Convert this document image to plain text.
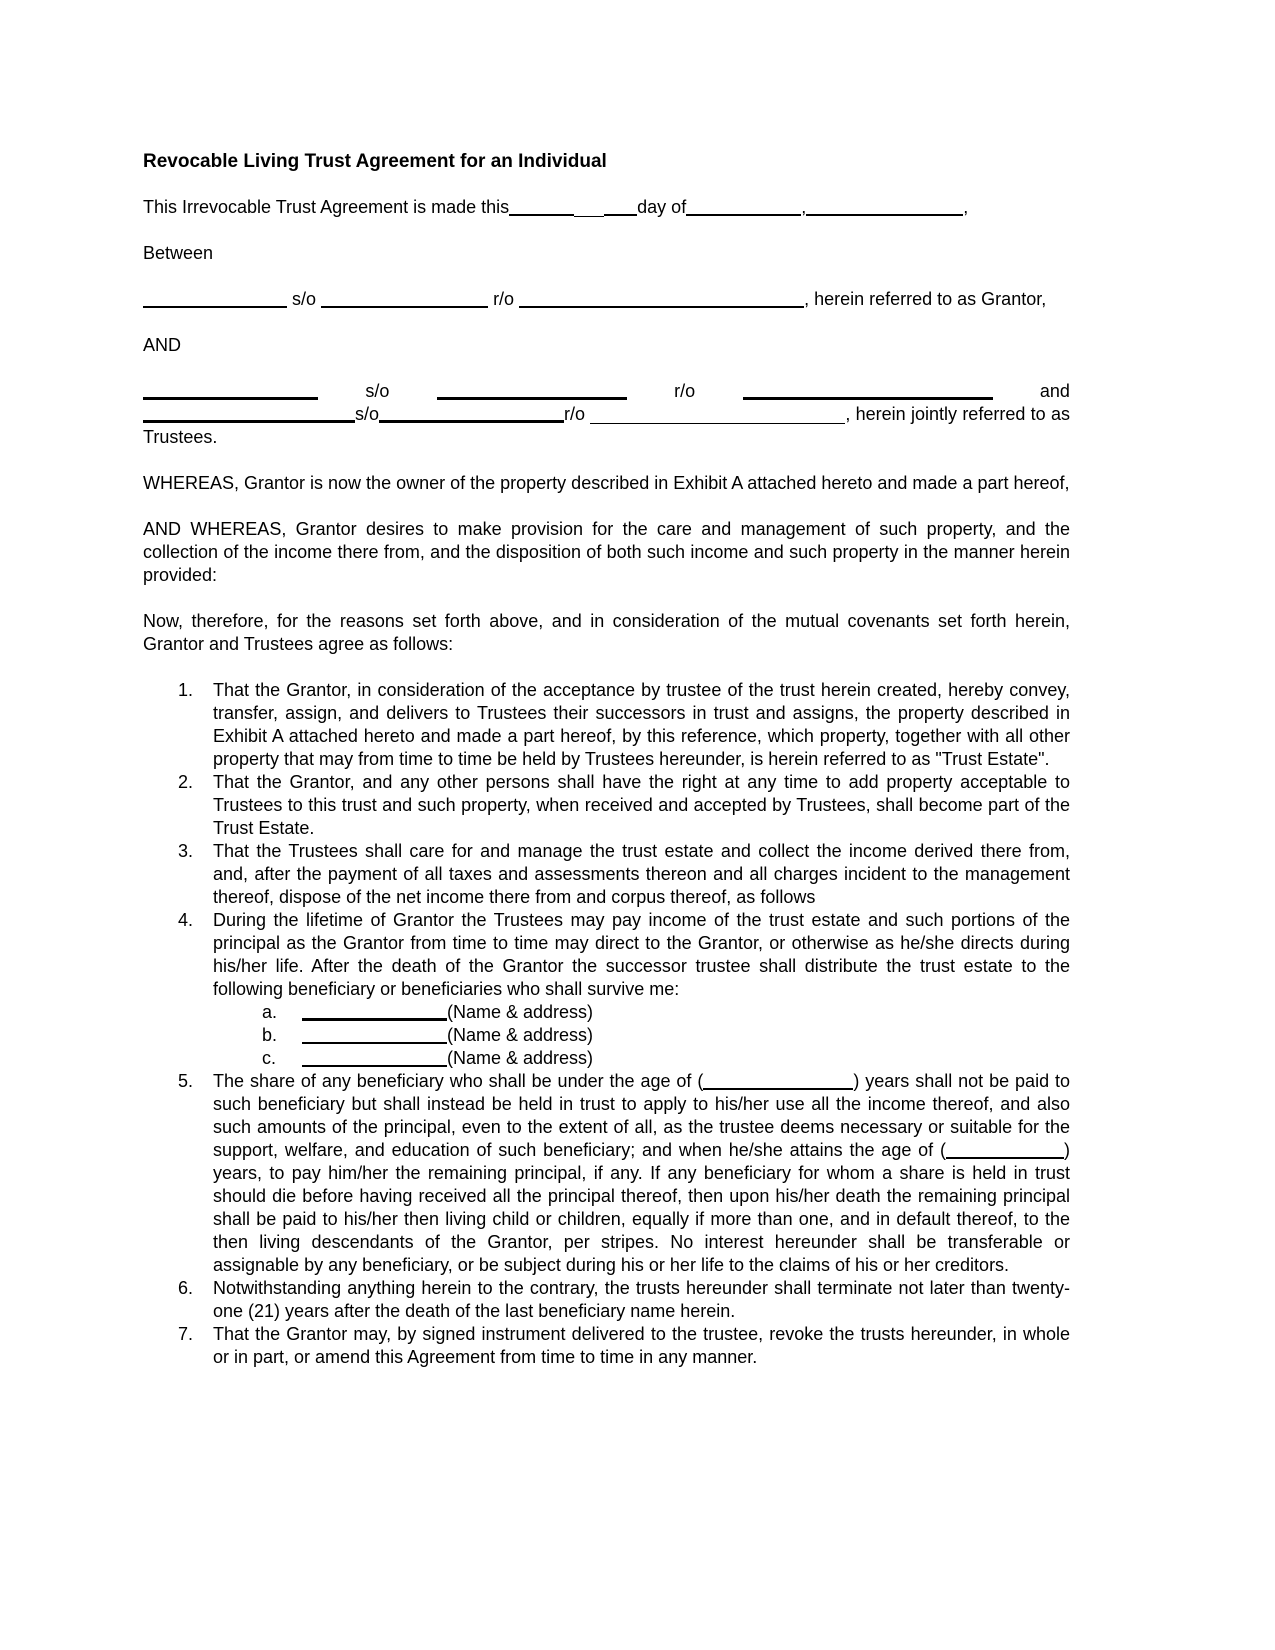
Revocable Living Trust Agreement for an Individual

This Irrevocable Trust Agreement is made this	day of	,	,

Between

s/o	r/o	, herein referred to as Grantor,

AND

s/o	r/o	and

s/o	r/o	, herein jointly referred to as Trustees.

WHEREAS, Grantor is now the owner of the property described in Exhibit A attached hereto and made a part hereof,

AND WHEREAS, Grantor desires to make provision for the care and management of such property, and the collection of the income there from, and the disposition of both such income and such property in the manner herein provided:

Now, therefore, for the reasons set forth above, and in consideration of the mutual covenants set forth herein, Grantor and Trustees agree as follows:

1.	That the Grantor, in consideration of the acceptance by trustee of the trust herein created, hereby convey, transfer, assign, and delivers to Trustees their successors in trust and assigns, the property described in Exhibit A attached hereto and made a part hereof, by this reference, which property, together with all other property that may from time to time be held by Trustees hereunder, is herein referred to as "Trust Estate".
2.	That the Grantor, and any other persons shall have the right at any time to add property acceptable to Trustees to this trust and such property, when received and accepted by Trustees, shall become part of the Trust Estate.
3.	That the Trustees shall care for and manage the trust estate and collect the income derived there from, and, after the payment of all taxes and assessments thereon and all charges incident to the management thereof, dispose of the net income there from and corpus thereof, as follows
4.	During the lifetime of Grantor the Trustees may pay income of the trust estate and such portions of the principal as the Grantor from time to time may direct to the Grantor, or otherwise as he/she directs during his/her life. After the death of the Grantor the successor trustee shall distribute the trust estate to the following beneficiary or beneficiaries who shall survive me:
a.	(Name & address)
b.	(Name & address)
c.	(Name & address)
5.	The share of any beneficiary who shall be under the age of (	) years shall not be paid to such beneficiary but shall instead be held in trust to apply to his/her use all the income thereof, and also such amounts of the principal, even to the extent of all, as the trustee deems necessary or suitable for the support, welfare, and education of such beneficiary; and when he/she attains the age of (	) years, to pay him/her the remaining principal, if any. If any beneficiary for whom a share is held in trust should die before having received all the principal thereof, then upon his/her death the remaining principal shall be paid to his/her then living child or children, equally if more than one, and in default thereof, to the then living descendants of the Grantor, per stripes. No interest hereunder shall be transferable or assignable by any beneficiary, or be subject during his or her life to the claims of his or her creditors.
6.	Notwithstanding anything herein to the contrary, the trusts hereunder shall terminate not later than twenty-one (21) years after the death of the last beneficiary name herein.
7.	That the Grantor may, by signed instrument delivered to the trustee, revoke the trusts hereunder, in whole or in part, or amend this Agreement from time to time in any manner.
